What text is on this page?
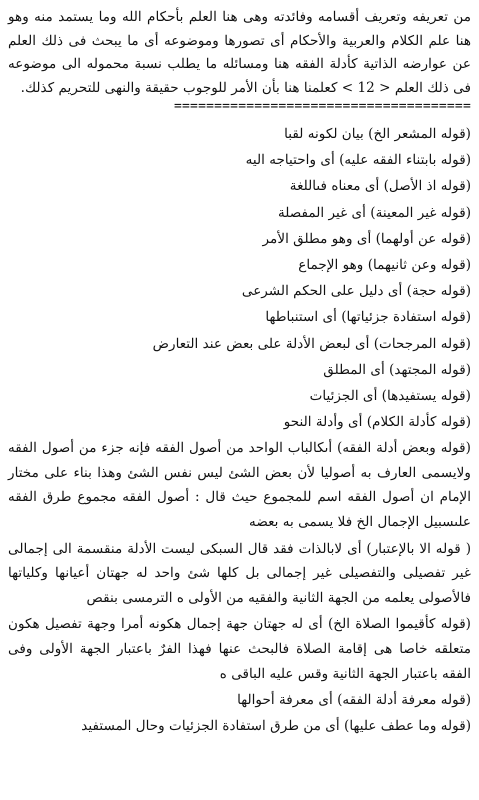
من تعريفه وتعريف أقسامه وفائدته وهى هنا العلم بأحكام الله وما يستمد منه وهو هنا علم الكلام والعربية والأحكام أى تصورها وموضوعه أى ما يبحث فى ذلك العلم عن عوارضه الذاتية كأدلة الفقه هنا ومسائله ما يطلب نسبة محموله الى موضوعه فى ذلك العلم < 12 > كعلمنا هنا بأن الأمر للوجوب حقيقة والنهى للتحريم كذلك.

=====================================

(قوله المشعر الخ) بيان لكونه لقبا

(قوله بابتناء الفقه عليه) أى واحتياجه اليه

(قوله اذ الأصل) أى معناه فىاللغة

(قوله غير المعينة) أى غير المفصلة

(قوله عن أولهما) أى وهو مطلق الأمر

(قوله وعن ثانيهما) وهو الإجماع

(قوله حجة) أى دليل على الحكم الشرعى

(قوله استفادة جزئياتها) أى استنباطها

(قوله المرجحات) أى لبعض الأدلة على بعض عند التعارض

(قوله المجتهد) أى المطلق

(قوله يستفيدها) أى الجزئيات

(قوله كأدلة الكلام) أى وأدلة النحو

(قوله وبعض أدلة الفقه) أىكالباب الواحد من أصول الفقه فإنه جزء من أصول الفقه ولايسمى العارف به أصوليا لأن بعض الشئ ليس نفس الشئ وهذا بناء على مختار الإمام ان أصول الفقه اسم للمجموع حيث قال : أصول الفقه مجموع طرق الفقه علىسبيل الإجمال الخ فلا يسمى به بعضه

( قوله الا بالإعتبار) أى لابالذات فقد قال السبكى ليست الأدلة منقسمة الى إجمالى غير تفصيلى والتفصيلى غير إجمالى بل كلها شئ واحد له جهتان أعيانها وكلياتها فالأصولى يعلمه من الجهة الثانية والفقيه من الأولى ه الترمسى بنقص

(قوله كأقيموا الصلاة الخ) أى له جهتان جهة إجمال هكونه أمرا وجهة تفصيل هكون متعلقه خاصا هى إقامة الصلاة فالبحث عنها فهذا الفرٌ باعتبار الجهة الأولى وفى الفقه باعتبار الجهة الثانية وقس عليه الباقى ه

(قوله معرفة أدلة الفقه) أى معرفة أحوالها

(قوله وما عطف عليها) أى من طرق استفادة الجزئيات وحال المستفيد
